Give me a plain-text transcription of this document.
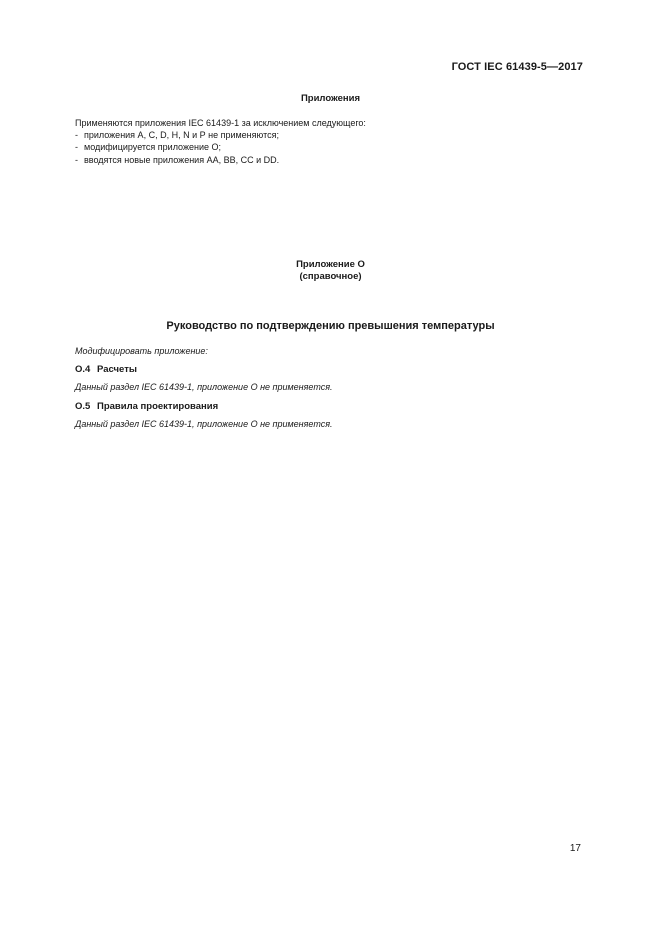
ГОСТ IEC 61439-5—2017

Приложения

Применяются приложения IEC 61439-1 за исключением следующего:

- приложения А, С, D, Н, N и Р не применяются;
- модифицируется приложение О;
- вводятся новые приложения АА, ВВ, СС и DD.
Приложение О
(справочное)

Руководство по подтверждению превышения температуры

Модифицировать приложение:

О.4 Расчеты

Данный раздел IEC 61439-1, приложение О не применяется.

О.5 Правила проектирования

Данный раздел IEC 61439-1, приложение О не применяется.

17
